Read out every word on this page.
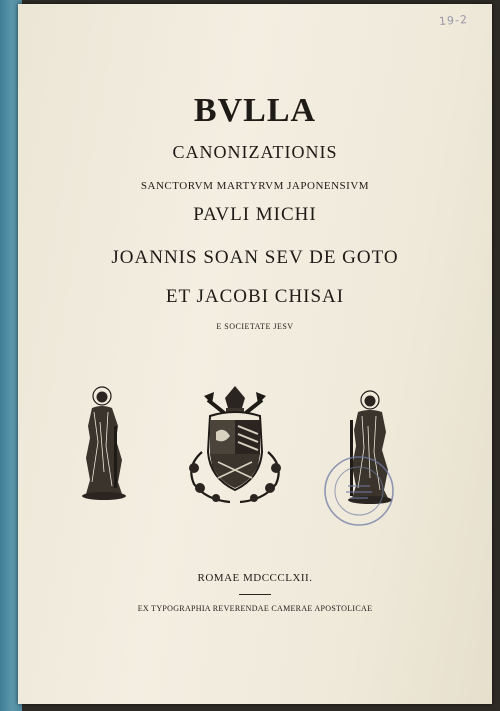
19-2
BVLLA
CANONIZATIONIS
SANCTORVM MARTYRVM JAPONENSIVM
PAVLI MICHI
JOANNIS SOAN SEV DE GOTO
ET JACOBI CHISAI
E SOCIETATE JESV
ROMAE MDCCCLXII.
EX TYPOGRAPHIA REVERENDAE CAMERAE APOSTOLICAE
